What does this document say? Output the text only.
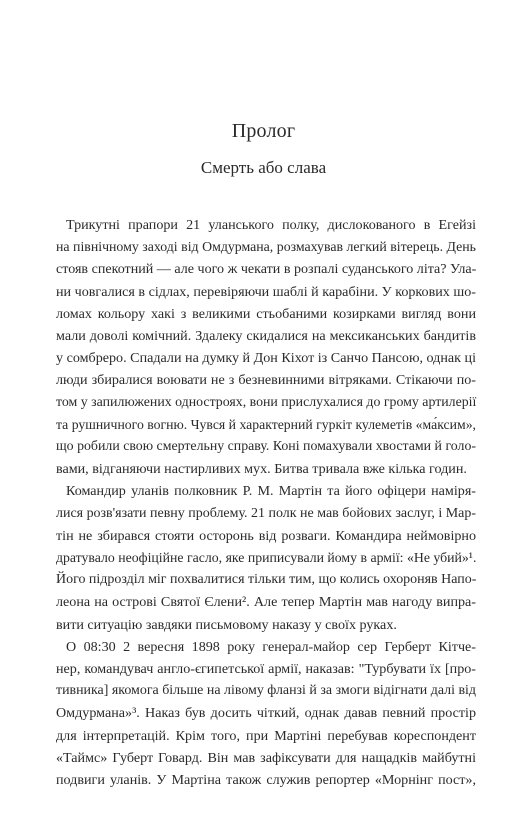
Пролог
Смерть або слава

Трикутні прапори 21 уланського полку, дислокованого в Егейзі
на північному заході від Омдурмана, розмахував легкий вітерець. День
стояв спекотний — але чого ж чекати в розпалі суданського літа? Ула-
ни човгалися в сідлах, перевіряючи шаблі й карабіни. У коркових шо-
ломах кольору хакі з великими стьобаними козирками вигляд вони
мали доволі комічний. Здалеку скидалися на мексиканських бандитів
у сомбреро. Спадали на думку й Дон Кіхот із Санчо Пансою, однак ці
люди збиралися воювати не з безневинними вітряками. Стікаючи по-
том у запилюжених одностроях, вони прислухалися до грому артилерії
та рушничного вогню. Чувся й характерний гуркіт кулеметів «ма́ксим»,
що робили свою смертельну справу. Коні помахували хвостами й голо-
вами, відганяючи настирливих мух. Битва тривала вже кілька годин.

Командир уланів полковник Р. М. Мартін та його офіцери наміря-
лися розв'язати певну проблему. 21 полк не мав бойових заслуг, і Мар-
тін не збирався стояти осторонь від розваги. Командира неймовірно
дратувало неофіційне гасло, яке приписували йому в армії: «Не убий»¹.
Його підрозділ міг похвалитися тільки тим, що колись охороняв Напо-
леона на острові Святої Єлени². Але тепер Мартін мав нагоду випра-
вити ситуацію завдяки письмовому наказу у своїх руках.

О 08:30 2 вересня 1898 року генерал-майор сер Герберт Кітче-
нер, командувач англо-єгипетської армії, наказав: "Турбувати їх [про-
тивника] якомога більше на лівому фланзі й за змоги відігнати далі від
Омдурмана»³. Наказ був досить чіткий, однак давав певний простір
для інтерпретацій. Крім того, при Мартіні перебував кореспондент
«Таймс» Губерт Говард. Він мав зафіксувати для нащадків майбутні
подвиги уланів. У Мартіна також служив репортер «Морнінг пост»,
